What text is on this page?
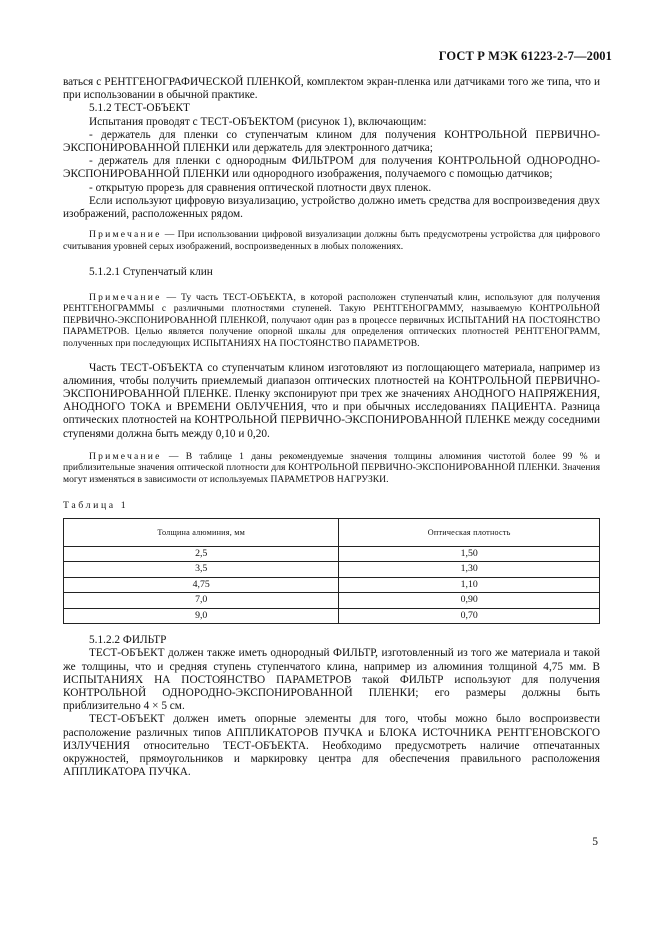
ГОСТ Р МЭК 61223-2-7—2001

ваться с РЕНТГЕНОГРАФИЧЕСКОЙ ПЛЕНКОЙ, комплектом экран-пленка или датчиками того же типа, что и при использовании в обычной практике.

5.1.2 ТЕСТ-ОБЪЕКТ

Испытания проводят с ТЕСТ-ОБЪЕКТОМ (рисунок 1), включающим:

- держатель для пленки со ступенчатым клином для получения КОНТРОЛЬНОЙ ПЕРВИЧНО-ЭКСПОНИРОВАННОЙ ПЛЕНКИ или держатель для электронного датчика;

- держатель для пленки с однородным ФИЛЬТРОМ для получения КОНТРОЛЬНОЙ ОДНОРОДНО-ЭКСПОНИРОВАННОЙ ПЛЕНКИ или однородного изображения, получаемого с помощью датчиков;

- открытую прорезь для сравнения оптической плотности двух пленок.

Если используют цифровую визуализацию, устройство должно иметь средства для воспроизведения двух изображений, расположенных рядом.

Примечание — При использовании цифровой визуализации должны быть предусмотрены устройства для цифрового считывания уровней серых изображений, воспроизведенных в любых положениях.

5.1.2.1 Ступенчатый клин

Примечание — Ту часть ТЕСТ-ОБЪЕКТА, в которой расположен ступенчатый клин, используют для получения РЕНТГЕНОГРАММЫ с различными плотностями ступеней. Такую РЕНТГЕНОГРАММУ, называемую КОНТРОЛЬНОЙ ПЕРВИЧНО-ЭКСПОНИРОВАННОЙ ПЛЕНКОЙ, получают один раз в процессе первичных ИСПЫТАНИЙ НА ПОСТОЯНСТВО ПАРАМЕТРОВ. Целью является получение опорной шкалы для определения оптических плотностей РЕНТГЕНОГРАММ, полученных при последующих ИСПЫТАНИЯХ НА ПОСТОЯНСТВО ПАРАМЕТРОВ.

Часть ТЕСТ-ОБЪЕКТА со ступенчатым клином изготовляют из поглощающего материала, например из алюминия, чтобы получить приемлемый диапазон оптических плотностей на КОНТРОЛЬНОЙ ПЕРВИЧНО-ЭКСПОНИРОВАННОЙ ПЛЕНКЕ. Пленку экспонируют при трех же значениях АНОДНОГО НАПРЯЖЕНИЯ, АНОДНОГО ТОКА и ВРЕМЕНИ ОБЛУЧЕНИЯ, что и при обычных исследованиях ПАЦИЕНТА. Разница оптических плотностей на КОНТРОЛЬНОЙ ПЕРВИЧНО-ЭКСПОНИРОВАННОЙ ПЛЕНКЕ между соседними ступенями должна быть между 0,10 и 0,20.

Примечание — В таблице 1 даны рекомендуемые значения толщины алюминия чистотой более 99 % и приблизительные значения оптической плотности для КОНТРОЛЬНОЙ ПЕРВИЧНО-ЭКСПОНИРОВАННОЙ ПЛЕНКИ. Значения могут изменяться в зависимости от используемых ПАРАМЕТРОВ НАГРУЗКИ.

Таблица 1
Толщина алюминия, мм	Оптическая плотность
2,5	1,50
3,5	1,30
4,75	1,10
7,0	0,90
9,0	0,70

5.1.2.2 ФИЛЬТР

ТЕСТ-ОБЪЕКТ должен также иметь однородный ФИЛЬТР, изготовленный из того же материала и такой же толщины, что и средняя ступень ступенчатого клина, например из алюминия толщиной 4,75 мм. В ИСПЫТАНИЯХ НА ПОСТОЯНСТВО ПАРАМЕТРОВ такой ФИЛЬТР используют для получения КОНТРОЛЬНОЙ ОДНОРОДНО-ЭКСПОНИРОВАННОЙ ПЛЕНКИ; его размеры должны быть приблизительно 4 × 5 см.

ТЕСТ-ОБЪЕКТ должен иметь опорные элементы для того, чтобы можно было воспроизвести расположение различных типов АППЛИКАТОРОВ ПУЧКА и БЛОКА ИСТОЧНИКА РЕНТГЕНОВСКОГО ИЗЛУЧЕНИЯ относительно ТЕСТ-ОБЪЕКТА. Необходимо предусмотреть наличие отпечатанных окружностей, прямоугольников и маркировку центра для обеспечения правильного расположения АППЛИКАТОРА ПУЧКА.

5
